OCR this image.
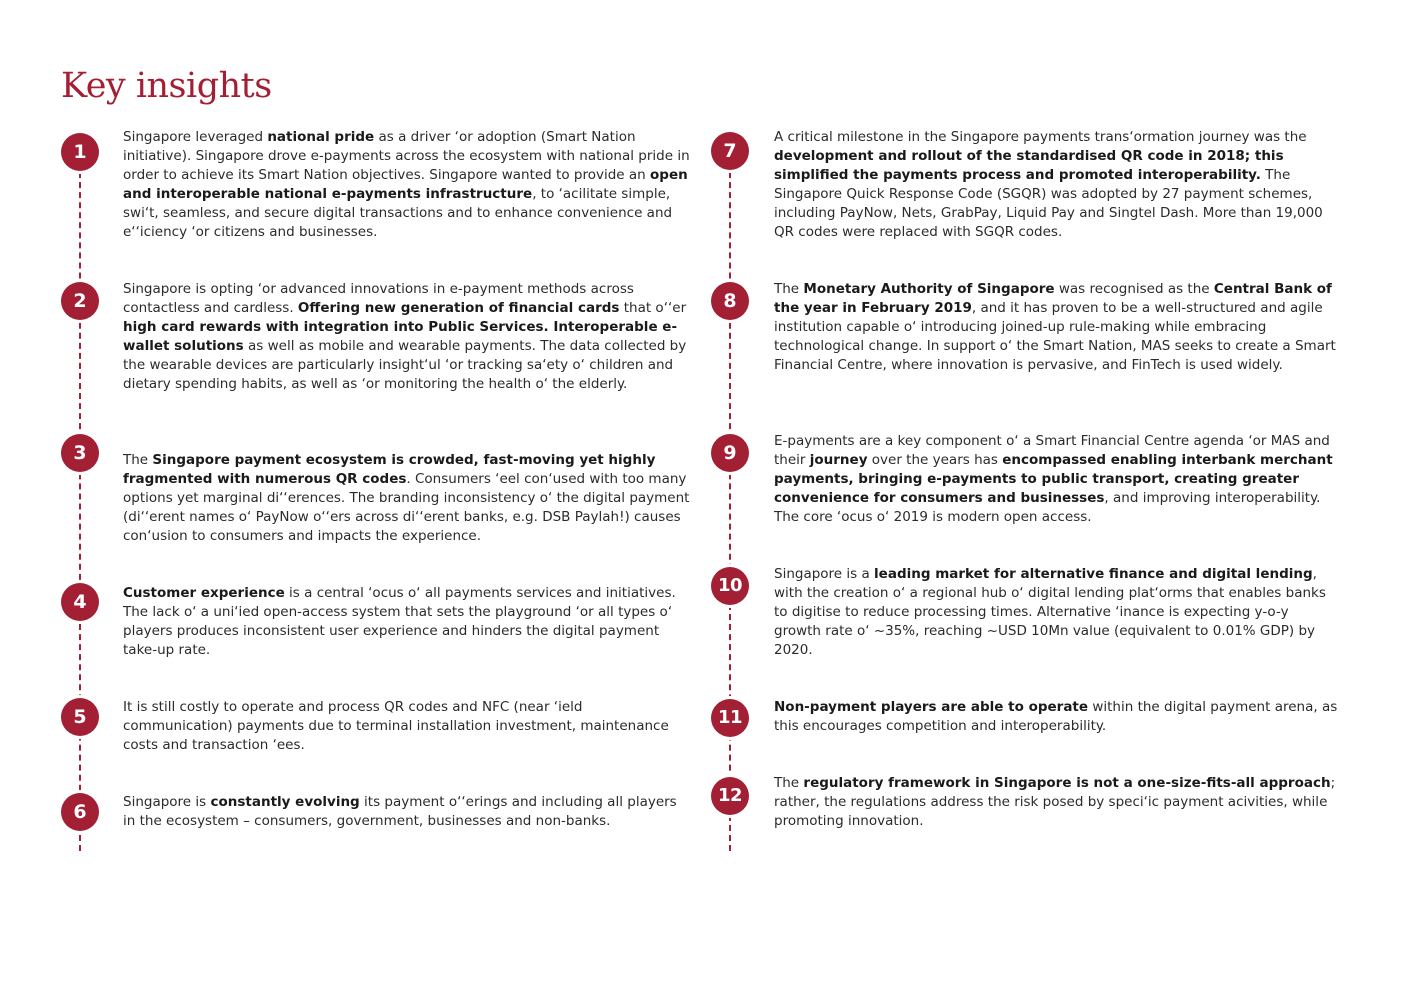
Key insights
1

Singapore leveraged national pride as a driver ‘or adoption (Smart Nation initiative). Singapore drove e-payments across the ecosystem with national pride in order to achieve its Smart Nation objectives. Singapore wanted to provide an open and interoperable national e-payments infrastructure, to ‘acilitate simple, swi‘t, seamless, and secure digital transactions and to enhance convenience and e‘‘iciency ‘or citizens and businesses.

2

Singapore is opting ‘or advanced innovations in e-payment methods across contactless and cardless. Offering new generation of financial cards that o‘‘er high card rewards with integration into Public Services. Interoperable e-wallet solutions as well as mobile and wearable payments. The data collected by the wearable devices are particularly insight‘ul ‘or tracking sa‘ety o‘ children and dietary spending habits, as well as ‘or monitoring the health o‘ the elderly.

3	The Singapore payment ecosystem is crowded, fast-moving yet highly fragmented with numerous QR codes. Consumers ‘eel con‘used with too many options yet marginal di‘‘erences. The branding inconsistency o‘ the digital payment (di‘‘erent names o‘ PayNow o‘‘ers across di‘‘erent banks, e.g. DSB Paylah!) causes con‘usion to consumers and impacts the experience.

4	Customer experience is a central ‘ocus o‘ all payments services and initiatives. The lack o‘ a uni‘ied open-access system that sets the playground ‘or all types o‘ players produces inconsistent user experience and hinders the digital payment take-up rate.

5	It is still costly to operate and process QR codes and NFC (near ‘ield communication) payments due to terminal installation investment, maintenance costs and transaction ‘ees.

6	Singapore is constantly evolving its payment o‘‘erings and including all players in the ecosystem – consumers, government, businesses and non-banks.

7

A critical milestone in the Singapore payments trans‘ormation journey was the development and rollout of the standardised QR code in 2018; this simplified the payments process and promoted interoperability. The Singapore Quick Response Code (SGQR) was adopted by 27 payment schemes, including PayNow, Nets, GrabPay, Liquid Pay and Singtel Dash. More than 19,000 QR codes were replaced with SGQR codes.

8

The Monetary Authority of Singapore was recognised as the Central Bank of the year in February 2019, and it has proven to be a well-structured and agile institution capable o‘ introducing joined-up rule-making while embracing technological change. In support o‘ the Smart Nation, MAS seeks to create a Smart Financial Centre, where innovation is pervasive, and FinTech is used widely.

9

E-payments are a key component o‘ a Smart Financial Centre agenda ‘or MAS and their journey over the years has encompassed enabling interbank merchant payments, bringing e-payments to public transport, creating greater convenience for consumers and businesses, and improving interoperability. The core ‘ocus o‘ 2019 is modern open access.

10

Singapore is a leading market for alternative finance and digital lending, with the creation o‘ a regional hub o‘ digital lending plat‘orms that enables banks to digitise to reduce processing times. Alternative ‘inance is expecting y-o-y growth rate o‘ ~35%, reaching ~USD 10Mn value (equivalent to 0.01% GDP) by 2020.

11	Non-payment players are able to operate within the digital payment arena, as this encourages competition and interoperability.

12

The regulatory framework in Singapore is not a one-size-fits-all approach; rather, the regulations address the risk posed by speci‘ic payment acivities, while promoting innovation.
